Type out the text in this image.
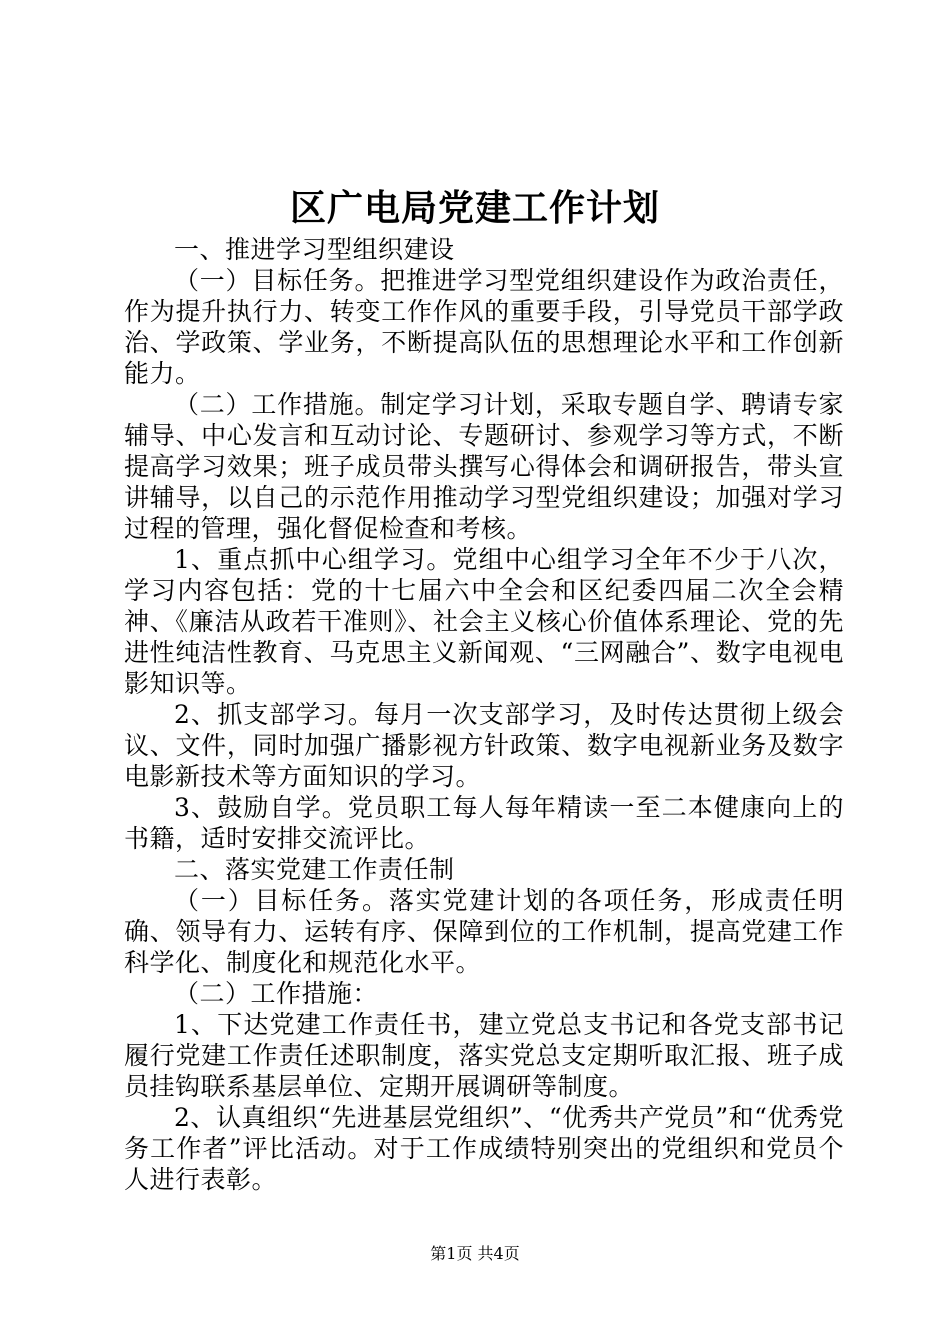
区广电局党建工作计划

一、推进学习型组织建设

（一）目标任务。把推进学习型党组织建设作为政治责任，作为提升执行力、转变工作作风的重要手段，引导党员干部学政治、学政策、学业务，不断提高队伍的思想理论水平和工作创新能力。

（二）工作措施。制定学习计划，采取专题自学、聘请专家辅导、中心发言和互动讨论、专题研讨、参观学习等方式，不断提高学习效果；班子成员带头撰写心得体会和调研报告，带头宣讲辅导，以自己的示范作用推动学习型党组织建设；加强对学习过程的管理，强化督促检查和考核。

1、重点抓中心组学习。党组中心组学习全年不少于八次，学习内容包括：党的十七届六中全会和区纪委四届二次全会精神、《廉洁从政若干准则》、社会主义核心价值体系理论、党的先进性纯洁性教育、马克思主义新闻观、“三网融合”、数字电视电影知识等。

2、抓支部学习。每月一次支部学习，及时传达贯彻上级会议、文件，同时加强广播影视方针政策、数字电视新业务及数字电影新技术等方面知识的学习。

3、鼓励自学。党员职工每人每年精读一至二本健康向上的书籍，适时安排交流评比。

二、落实党建工作责任制

（一）目标任务。落实党建计划的各项任务，形成责任明确、领导有力、运转有序、保障到位的工作机制，提高党建工作科学化、制度化和规范化水平。

（二）工作措施：

1、下达党建工作责任书，建立党总支书记和各党支部书记履行党建工作责任述职制度，落实党总支定期听取汇报、班子成员挂钩联系基层单位、定期开展调研等制度。

2、认真组织“先进基层党组织”、“优秀共产党员”和“优秀党务工作者”评比活动。对于工作成绩特别突出的党组织和党员个人进行表彰。

第1页 共4页
